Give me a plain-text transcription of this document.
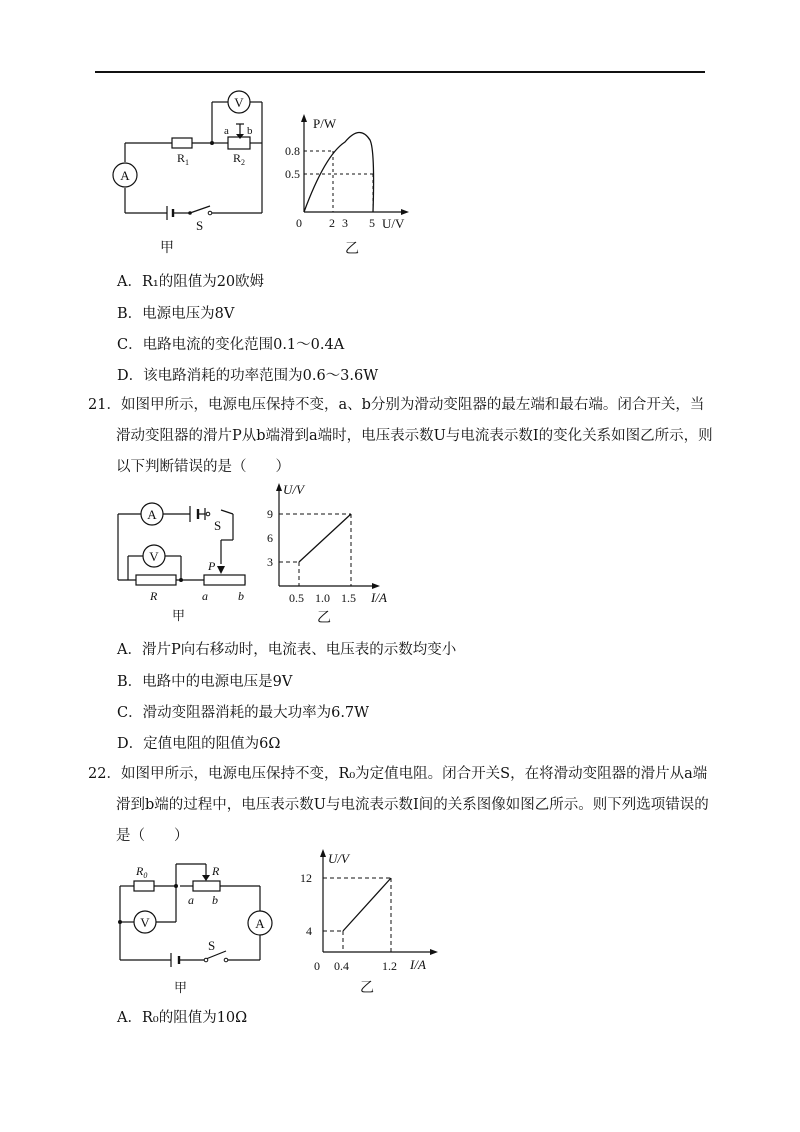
V
A
$R_1$
a b
$R_2$
S
甲
P/W
U/V
0
0.8
0.5
2 3 5
乙
A．R₁的阻值为20欧姆
B．电源电压为8V
C．电路电流的变化范围0.1～0.4A
D．该电路消耗的功率范围为0.6～3.6W
21．如图甲所示，电源电压保持不变，a、b分别为滑动变阻器的最左端和最右端。闭合开关，当滑动变阻器的滑片P从b端滑到a端时，电压表示数U与电流表示数I的变化关系如图乙所示，则以下判断错误的是（　　）
A
S
V
P
R	a	b
甲
U/V
I/A
9
6
3
0.5 1.0 1.5
乙
A．滑片P向右移动时，电流表、电压表的示数均变小
B．电路中的电源电压是9V
C．滑动变阻器消耗的最大功率为6.7W
D．定值电阻的阻值为6Ω
22．如图甲所示，电源电压保持不变，R₀为定值电阻。闭合开关S，在将滑动变阻器的滑片从a端滑到b端的过程中，电压表示数U与电流表示数I间的关系图像如图乙所示。则下列选项错误的是（　　）
$R_0$	R
a b
V	A
S
甲
U/V
I/A
0
12
4
0.4	1.2
乙
A．R₀的阻值为10Ω
